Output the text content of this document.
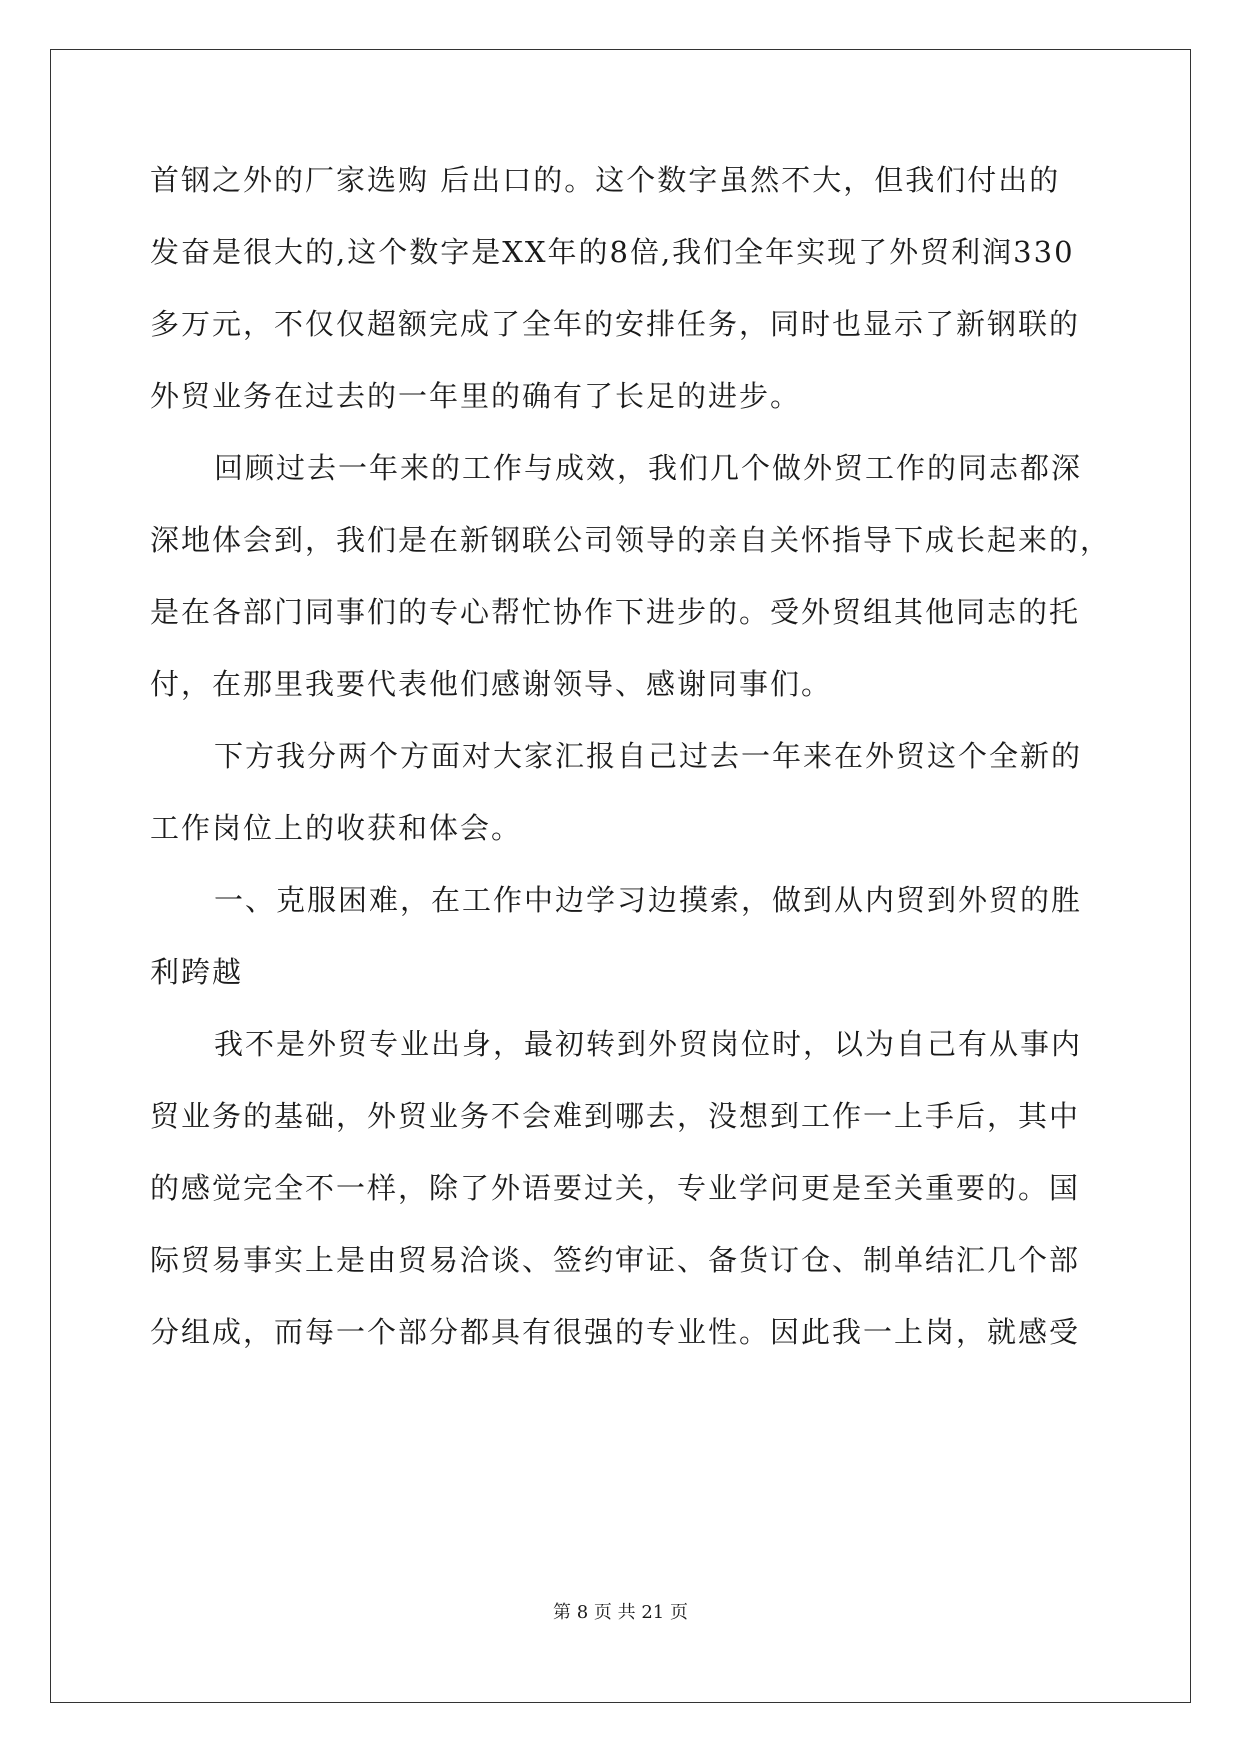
首钢之外的厂家选购 后出口的。这个数字虽然不大，但我们付出的
发奋是很大的,这个数字是XX年的8倍,我们全年实现了外贸利润330
多万元，不仅仅超额完成了全年的安排任务，同时也显示了新钢联的
外贸业务在过去的一年里的确有了长足的进步。
回顾过去一年来的工作与成效，我们几个做外贸工作的同志都深
深地体会到，我们是在新钢联公司领导的亲自关怀指导下成长起来的，
是在各部门同事们的专心帮忙协作下进步的。受外贸组其他同志的托
付，在那里我要代表他们感谢领导、感谢同事们。
下方我分两个方面对大家汇报自己过去一年来在外贸这个全新的
工作岗位上的收获和体会。
一、克服困难，在工作中边学习边摸索，做到从内贸到外贸的胜
利跨越
我不是外贸专业出身，最初转到外贸岗位时，以为自己有从事内
贸业务的基础，外贸业务不会难到哪去，没想到工作一上手后，其中
的感觉完全不一样，除了外语要过关，专业学问更是至关重要的。国
际贸易事实上是由贸易洽谈、签约审证、备货订仓、制单结汇几个部
分组成，而每一个部分都具有很强的专业性。因此我一上岗，就感受
第 8 页 共 21 页
